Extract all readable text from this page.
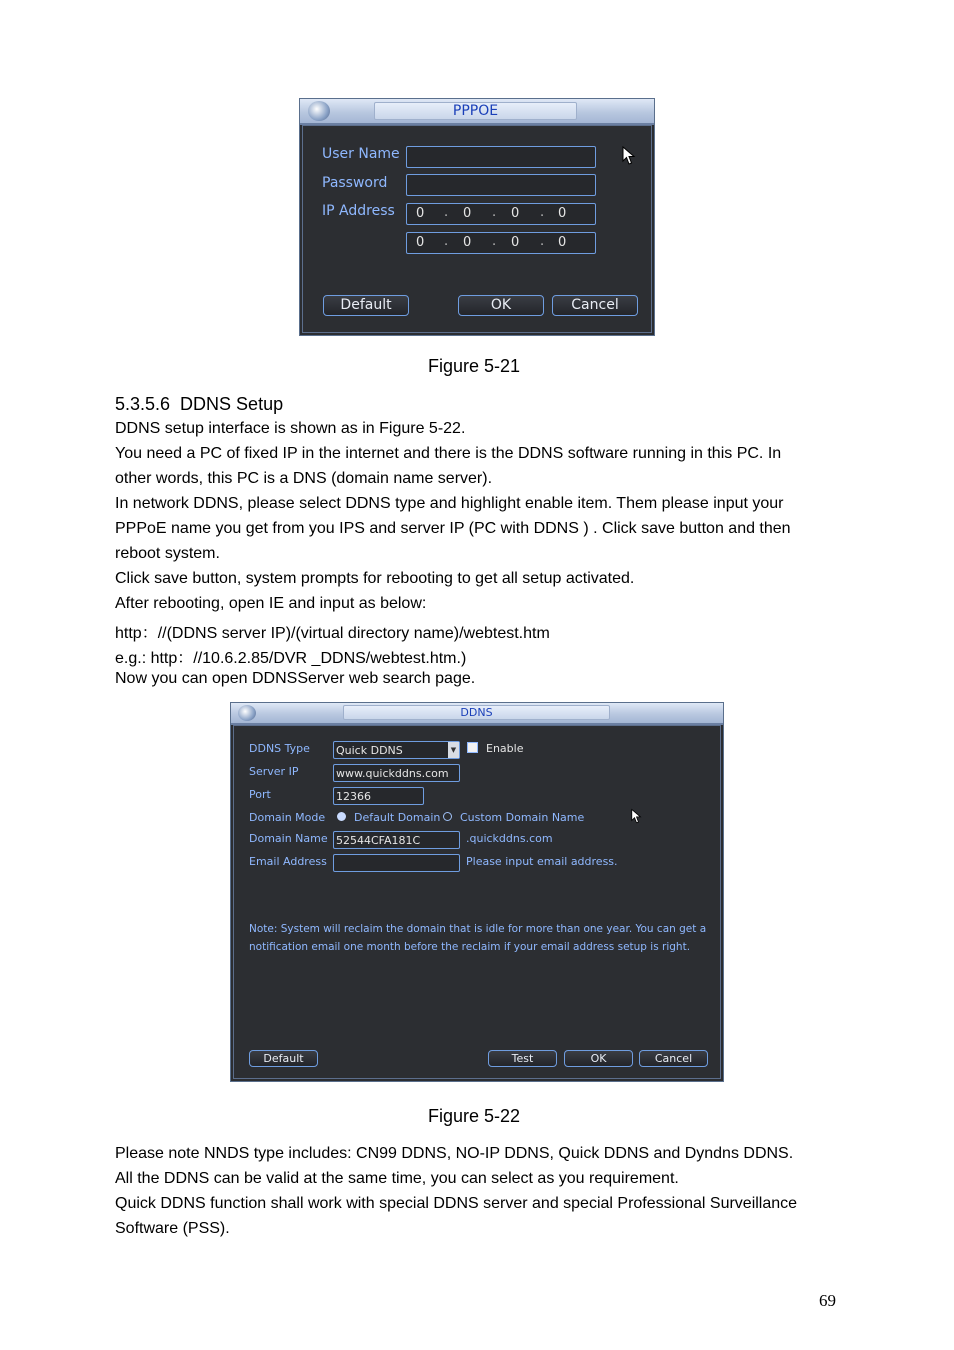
PPPOE
User Name
Password
IP Address 0 . 0 . 0 . 0
0 . 0 . 0 . 0
Default	OK	Cancel
Figure 5-21
5.3.5.6  DDNS Setup
DDNS setup interface is shown as in Figure 5-22.
You need a PC of fixed IP in the internet and there is the DDNS software running in this PC. In
other words, this PC is a DNS (domain name server).
In network DDNS, please select DDNS type and highlight enable item. Them please input your
PPPoE name you get from you IPS and server IP (PC with DDNS ) . Click save button and then
reboot system.
Click save button, system prompts for rebooting to get all setup activated.
After rebooting, open IE and input as below:
http：//(DDNS server IP)/(virtual directory name)/webtest.htm
e.g.: http：//10.6.2.85/DVR _DDNS/webtest.htm.)
Now you can open DDNSServer web search page.
DDNS
DDNS Type Quick DDNS	▼	Enable
Server IP	www.quickddns.com
Port	12366
Domain Mode	Default Domain Custom Domain Name
Domain Name 52544CFA181C	.quickddns.com
Email Address	Please input email address.
Note: System will reclaim the domain that is idle for more than one year. You can get a
notification email one month before the reclaim if your email address setup is right.
Default	Test	OK	Cancel
Figure 5-22
Please note NNDS type includes: CN99 DDNS, NO-IP DDNS, Quick DDNS and Dyndns DDNS.
All the DDNS can be valid at the same time, you can select as you requirement.
Quick DDNS function shall work with special DDNS server and special Professional Surveillance
Software (PSS).
69
